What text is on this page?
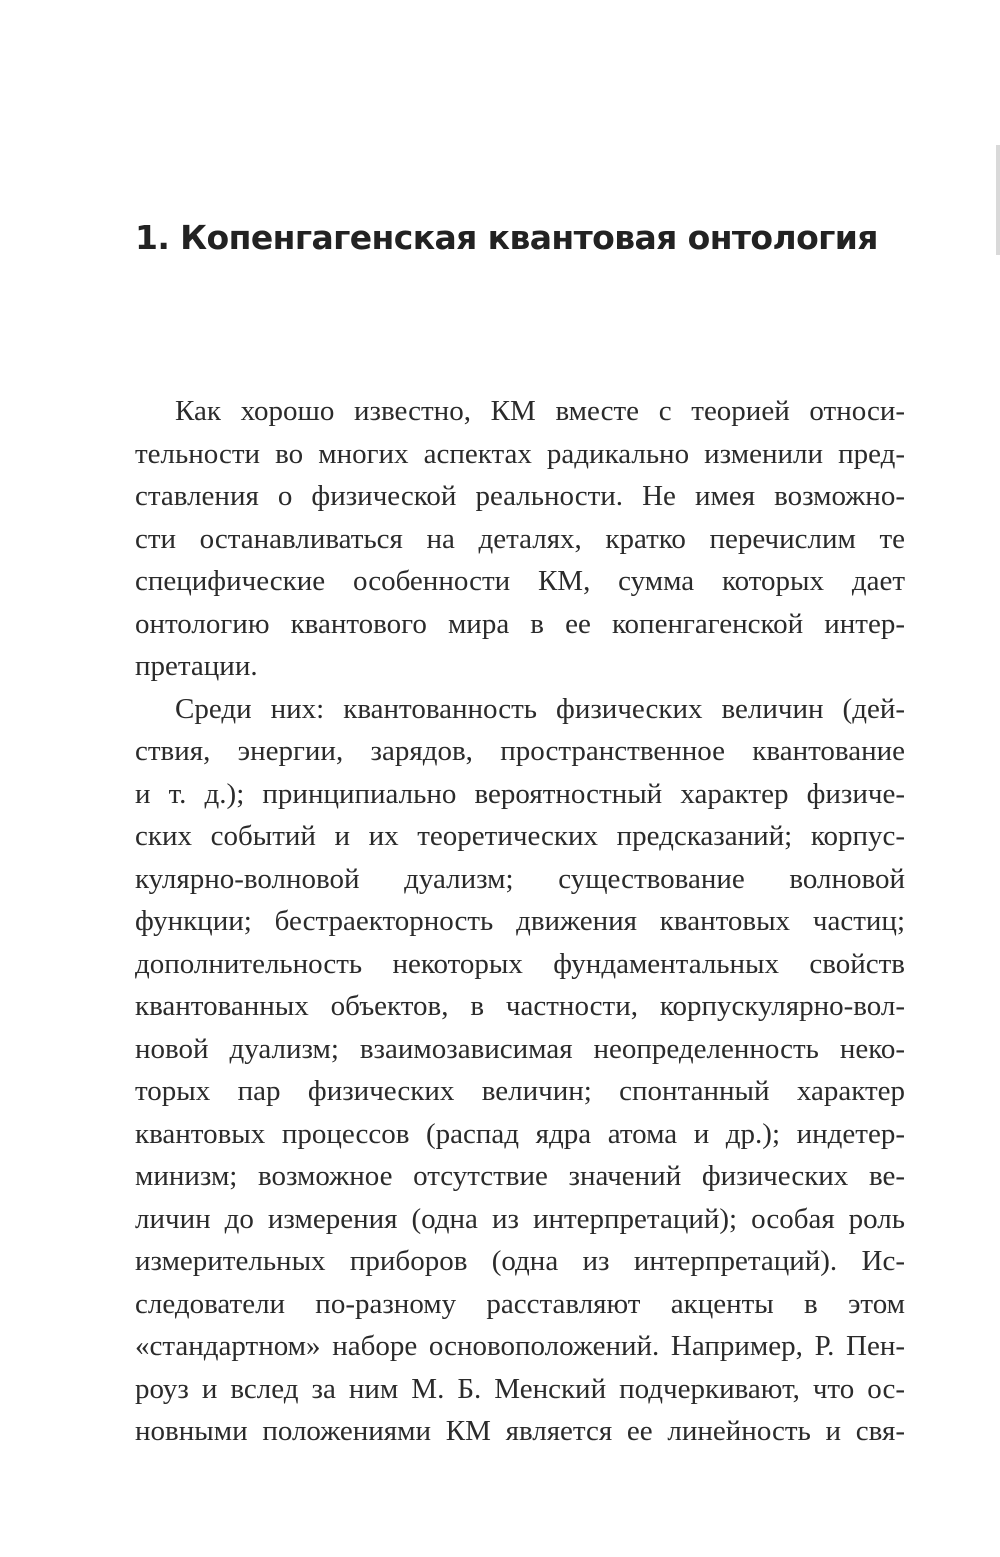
1. Копенгагенская квантовая онтология
Как хорошо известно, КМ вместе с теорией относи-
тельности во многих аспектах радикально изменили пред-
ставления о физической реальности. Не имея возможно-
сти останавливаться на деталях, кратко перечислим те
специфические особенности КМ, сумма которых дает
онтологию квантового мира в ее копенгагенской интер-
претации.
Среди них: квантованность физических величин (дей-
ствия, энергии, зарядов, пространственное квантование
и т. д.); принципиально вероятностный характер физиче-
ских событий и их теоретических предсказаний; корпус-
кулярно-волновой дуализм; существование волновой
функции; бестраекторность движения квантовых частиц;
дополнительность некоторых фундаментальных свойств
квантованных объектов, в частности, корпускулярно-вол-
новой дуализм; взаимозависимая неопределенность неко-
торых пар физических величин; спонтанный характер
квантовых процессов (распад ядра атома и др.); индетер-
минизм; возможное отсутствие значений физических ве-
личин до измерения (одна из интерпретаций); особая роль
измерительных приборов (одна из интерпретаций). Ис-
следователи по-разному расставляют акценты в этом
«стандартном» наборе основоположений. Например, Р. Пен-
роуз и вслед за ним М. Б. Менский подчеркивают, что ос-
новными положениями КМ является ее линейность и свя-
